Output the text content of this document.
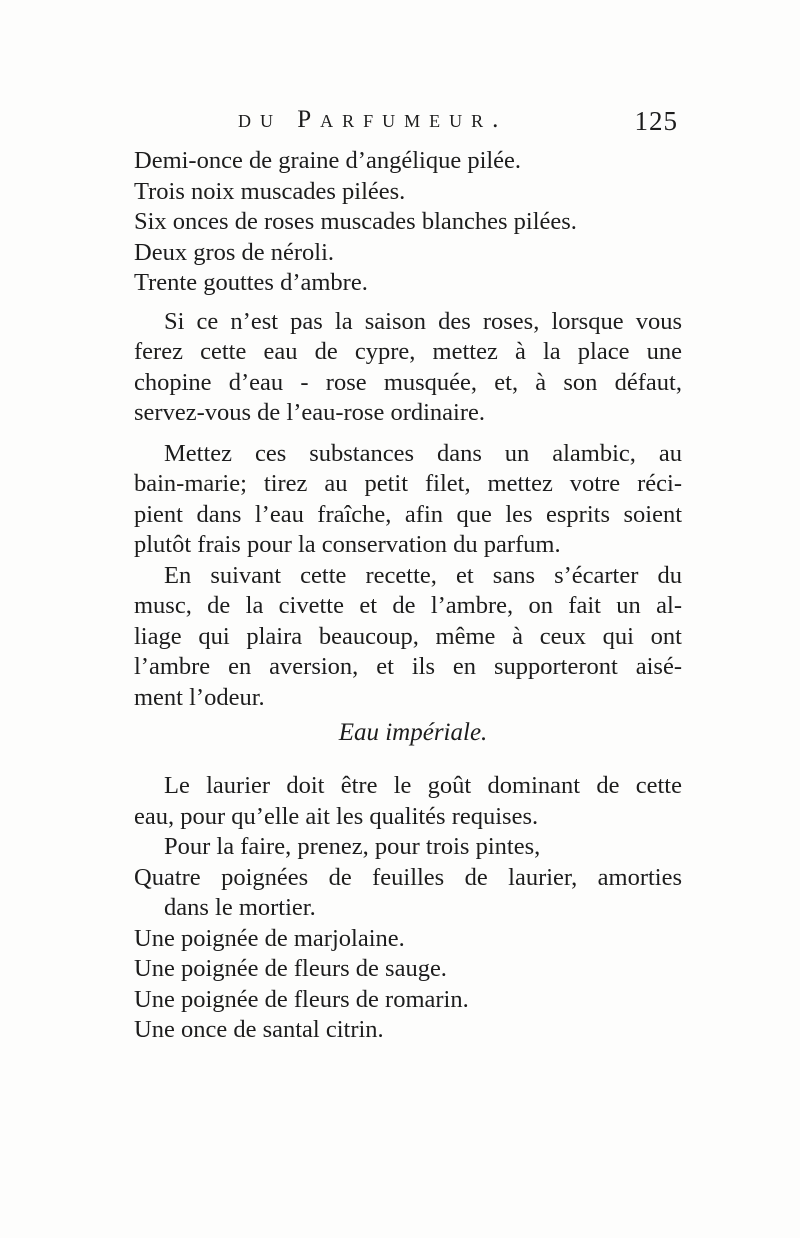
du Parfumeur.	125
Demi-once de graine d’angélique pilée.
Trois noix muscades pilées.
Six onces de roses muscades blanches pilées.
Deux gros de néroli.
Trente gouttes d’ambre.
Si ce n’est pas la saison des roses, lorsque vous
ferez cette eau de cypre, mettez à la place une
chopine d’eau - rose musquée, et, à son défaut,
servez-vous de l’eau-rose ordinaire.
Mettez ces substances dans un alambic, au
bain-marie; tirez au petit filet, mettez votre réci-
pient dans l’eau fraîche, afin que les esprits soient
plutôt frais pour la conservation du parfum.
En suivant cette recette, et sans s’écarter du
musc, de la civette et de l’ambre, on fait un al-
liage qui plaira beaucoup, même à ceux qui ont
l’ambre en aversion, et ils en supporteront aisé-
ment l’odeur.
Eau impériale.
Le laurier doit être le goût dominant de cette
eau, pour qu’elle ait les qualités requises.
Pour la faire, prenez, pour trois pintes,
Quatre poignées de feuilles de laurier, amorties
dans le mortier.
Une poignée de marjolaine.
Une poignée de fleurs de sauge.
Une poignée de fleurs de romarin.
Une once de santal citrin.
